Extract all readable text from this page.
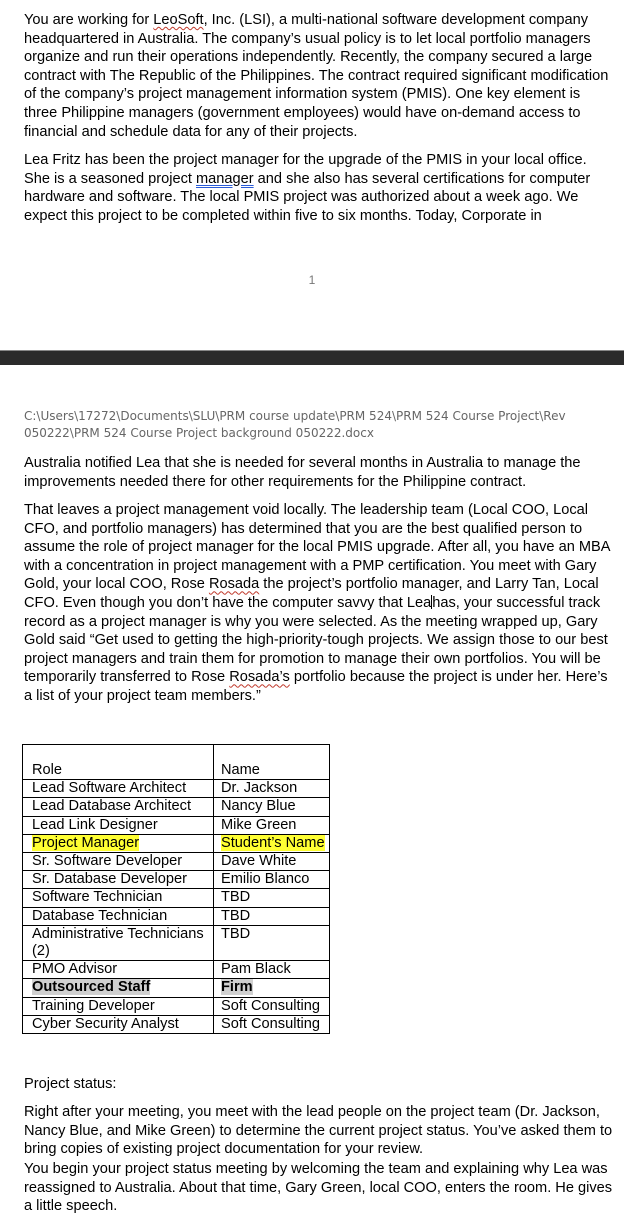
You are working for LeoSoft, Inc. (LSI), a multi-national software development company headquartered in Australia. The company’s usual policy is to let local portfolio managers organize and run their operations independently. Recently, the company secured a large contract with The Republic of the Philippines. The contract required significant modification of the company’s project management information system (PMIS). One key element is three Philippine managers (government employees) would have on-demand access to financial and schedule data for any of their projects.

Lea Fritz has been the project manager for the upgrade of the PMIS in your local office. She is a seasoned project manager and she also has several certifications for computer hardware and software. The local PMIS project was authorized about a week ago. We expect this project to be completed within five to six months. Today, Corporate in

1
C:\Users\17272\Documents\SLU\PRM course update\PRM 524\PRM 524 Course Project\Rev 050222\PRM 524 Course Project background 050222.docx

Australia notified Lea that she is needed for several months in Australia to manage the improvements needed there for other requirements for the Philippine contract.

That leaves a project management void locally. The leadership team (Local COO, Local CFO, and portfolio managers) has determined that you are the best qualified person to assume the role of project manager for the local PMIS upgrade. After all, you have an MBA with a concentration in project management with a PMP certification. You meet with Gary Gold, your local COO, Rose Rosada the project’s portfolio manager, and Larry Tan, Local CFO. Even though you don’t have the computer savvy that Leahas, your successful track record as a project manager is why you were selected. As the meeting wrapped up, Gary Gold said “Get used to getting the high-priority-tough projects. We assign those to our best project managers and train them for promotion to manage their own portfolios. You will be temporarily transferred to Rose Rosada’s portfolio because the project is under her. Here’s a list of your project team members.”

Role	Name
Lead Software Architect	Dr. Jackson
Lead Database Architect	Nancy Blue
Lead Link Designer	Mike Green
Project Manager	Student’s Name
Sr. Software Developer	Dave White
Sr. Database Developer	Emilio Blanco
Software Technician	TBD
Database Technician	TBD
Administrative Technicians (2)	TBD
PMO Advisor	Pam Black
Outsourced Staff	Firm
Training Developer	Soft Consulting
Cyber Security Analyst	Soft Consulting

Project status:

Right after your meeting, you meet with the lead people on the project team (Dr. Jackson, Nancy Blue, and Mike Green) to determine the current project status. You’ve asked them to bring copies of existing project documentation for your review.

You begin your project status meeting by welcoming the team and explaining why Lea was reassigned to Australia. About that time, Gary Green, local COO, enters the room. He gives a little speech.
